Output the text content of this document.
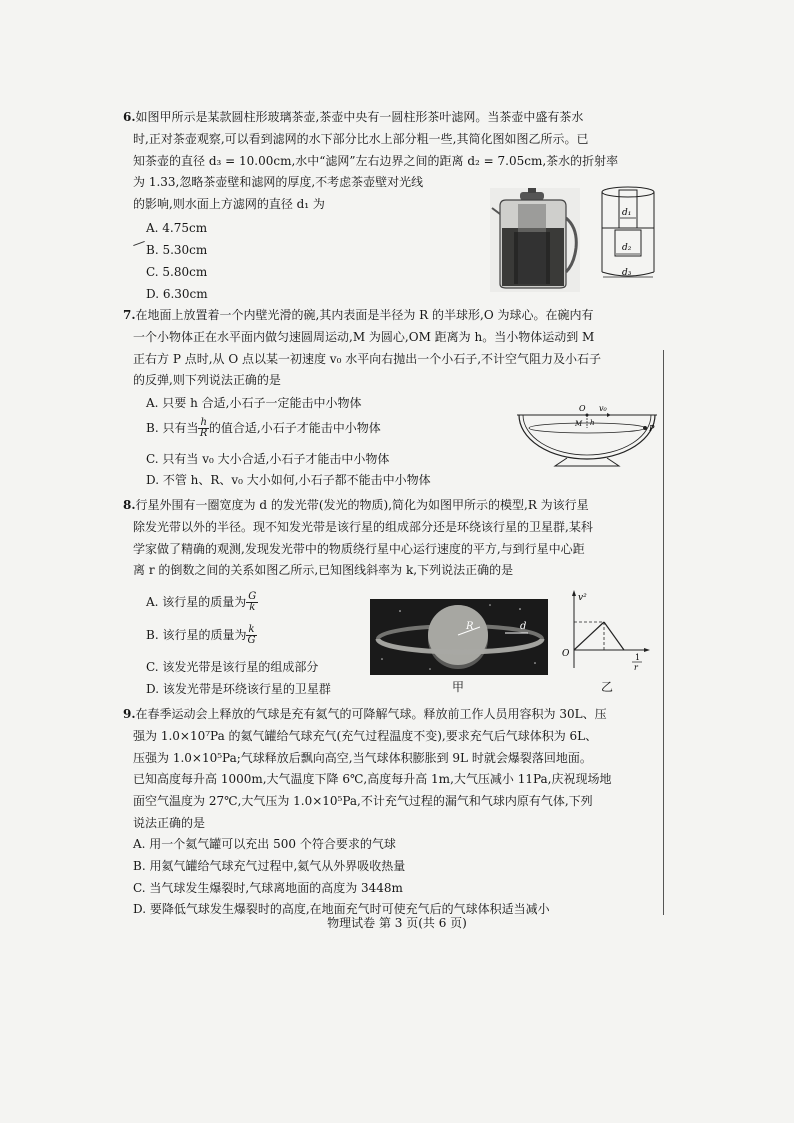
6.如图甲所示是某款圆柱形玻璃茶壶,茶壶中央有一圆柱形茶叶滤网。当茶壶中盛有茶水
时,正对茶壶观察,可以看到滤网的水下部分比水上部分粗一些,其简化图如图乙所示。已
知茶壶的直径 d₃ = 10.00cm,水中“滤网”左右边界之间的距离 d₂ = 7.05cm,茶水的折射率
为 1.33,忽略茶壶壁和滤网的厚度,不考虑茶壶壁对光线
的影响,则水面上方滤网的直径 d₁ 为
A. 4.75cm
B. 5.30cm
C. 5.80cm
D. 6.30cm
d₁
d₂
d₃
7.在地面上放置着一个内壁光滑的碗,其内表面是半径为 R 的半球形,O 为球心。在碗内有
一个小物体正在水平面内做匀速圆周运动,M 为圆心,OM 距离为 h。当小物体运动到 M
正右方 P 点时,从 O 点以某一初速度 v₀ 水平向右抛出一个小石子,不计空气阻力及小石子
的反弹,则下列说法正确的是
A. 只要 h 合适,小石子一定能击中小物体
B. 只有当 $\frac{h}{R}$ 的值合适,小石子才能击中小物体
C. 只有当 v₀ 大小合适,小石子才能击中小物体
D. 不管 h、R、v₀ 大小如何,小石子都不能击中小物体
O v₀
M h
P
8.行星外围有一圈宽度为 d 的发光带(发光的物质),简化为如图甲所示的模型,R 为该行星
除发光带以外的半径。现不知发光带是该行星的组成部分还是环绕该行星的卫星群,某科
学家做了精确的观测,发现发光带中的物质绕行星中心运行速度的平方,与到行星中心距
离 r 的倒数之间的关系如图乙所示,已知图线斜率为 k,下列说法正确的是
A. 该行星的质量为 $\frac{G}{k}$
B. 该行星的质量为 $\frac{k}{G}$
C. 该发光带是该行星的组成部分
D. 该发光带是环绕该行星的卫星群
R	d
甲
v²
O	1
r
乙
9.在春季运动会上释放的气球是充有氦气的可降解气球。释放前工作人员用容积为 30L、压
强为 1.0×10⁷Pa 的氦气罐给气球充气(充气过程温度不变),要求充气后气球体积为 6L、
压强为 1.0×10⁵Pa;气球释放后飘向高空,当气球体积膨胀到 9L 时就会爆裂落回地面。
已知高度每升高 1000m,大气温度下降 6℃,高度每升高 1m,大气压减小 11Pa,庆祝现场地
面空气温度为 27℃,大气压为 1.0×10⁵Pa,不计充气过程的漏气和气球内原有气体,下列
说法正确的是
A. 用一个氦气罐可以充出 500 个符合要求的气球
B. 用氦气罐给气球充气过程中,氦气从外界吸收热量
C. 当气球发生爆裂时,气球离地面的高度为 3448m
D. 要降低气球发生爆裂时的高度,在地面充气时可使充气后的气球体积适当减小
物理试卷 第 3 页(共 6 页)
